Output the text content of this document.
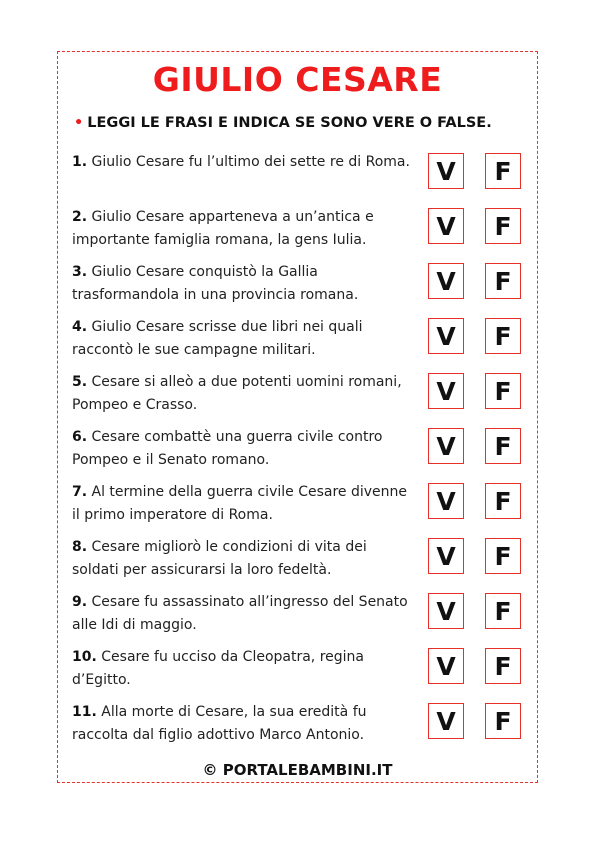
GIULIO CESARE
• LEGGI LE FRASI E INDICA SE SONO VERE O FALSE.
1. Giulio Cesare fu l’ultimo dei sette re di Roma.	V	F
2. Giulio Cesare apparteneva a un’antica e importante famiglia romana, la gens Iulia.	V	F
3. Giulio Cesare conquistò la Gallia trasformandola in una provincia romana.	V	F
4. Giulio Cesare scrisse due libri nei quali raccontò le sue campagne militari.	V	F
5. Cesare si alleò a due potenti uomini romani, Pompeo e Crasso.	V	F
6. Cesare combattè una guerra civile contro Pompeo e il Senato romano.	V	F
7. Al termine della guerra civile Cesare divenne il primo imperatore di Roma.	V	F
8. Cesare migliorò le condizioni di vita dei soldati per assicurarsi la loro fedeltà.	V	F
9. Cesare fu assassinato all’ingresso del Senato alle Idi di maggio.	V	F
10. Cesare fu ucciso da Cleopatra, regina d’Egitto.	V	F
11. Alla morte di Cesare, la sua eredità fu raccolta dal figlio adottivo Marco Antonio.	V	F
© PORTALEBAMBINI.IT
